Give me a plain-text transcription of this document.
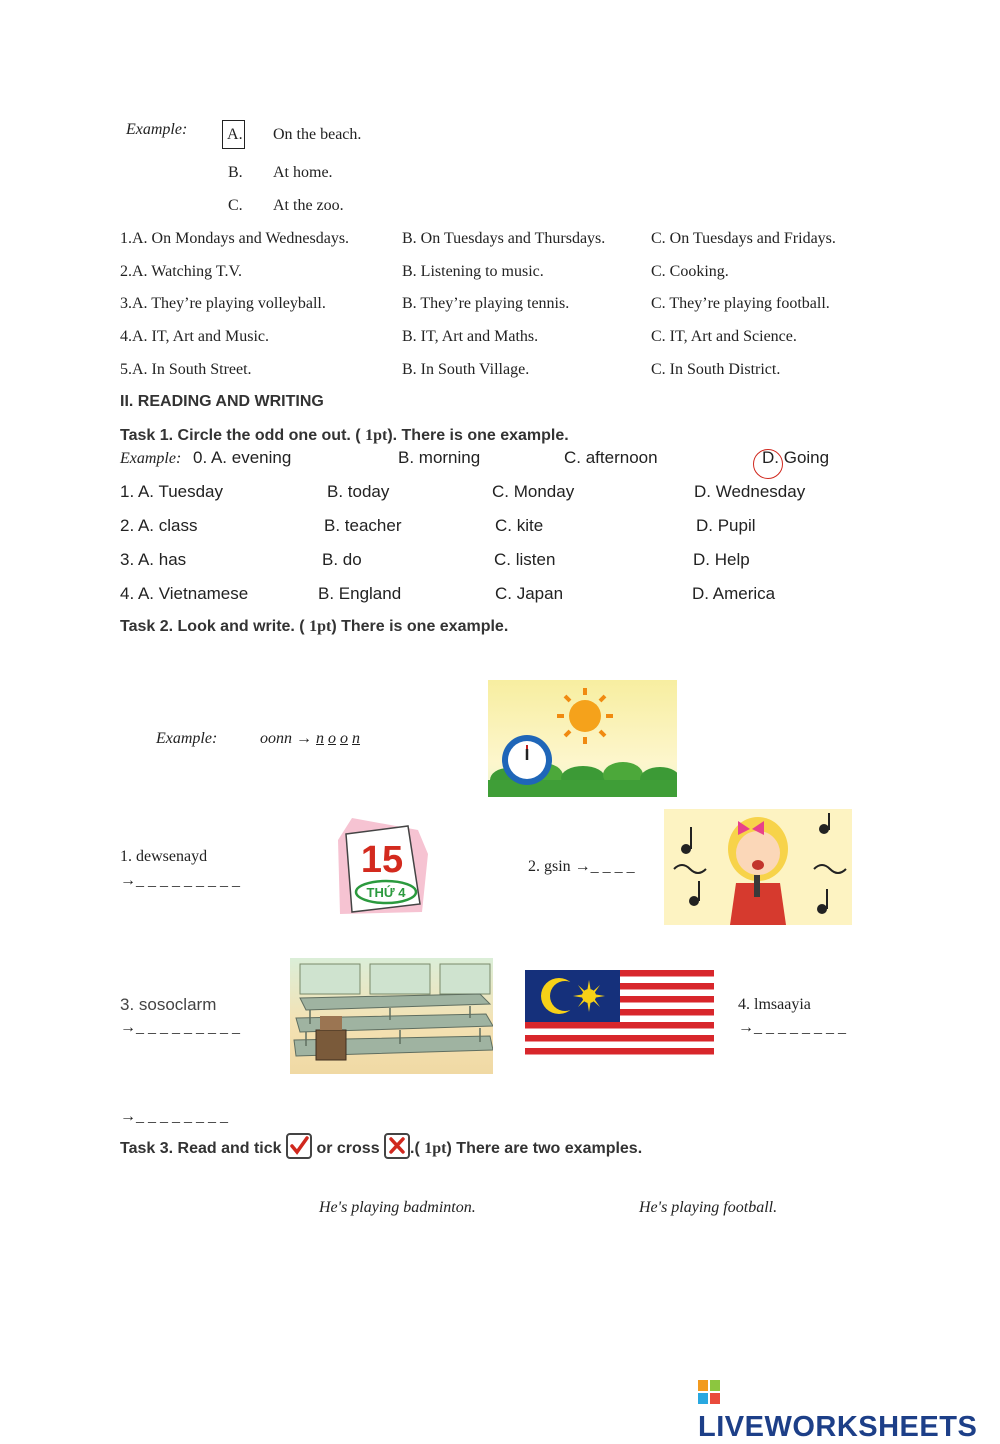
Example: A. On the beach.
B. At home.
C. At the zoo.
1.A. On Mondays and Wednesdays.	B. On Tuesdays and Thursdays.	C. On Tuesdays and Fridays.
2.A. Watching T.V.	B. Listening to music.	C. Cooking.
3.A. They’re playing volleyball.	B. They’re playing tennis.	C. They’re playing football.
4.A. IT, Art and Music.	B. IT, Art and Maths.	C. IT, Art and Science.
5.A. In South Street.	B. In South Village.	C. In South District.
II. READING AND WRITING
Task 1. Circle the odd one out. ( 1pt). There is one example.
Example: 0. A. evening	B. morning	C. afternoon	D. Going
1. A. Tuesday	B. today	C. Monday	D. Wednesday
2. A. class	B. teacher	C. kite	D. Pupil
3. A. has	B. do	C. listen	D. Help
4. A. Vietnamese	B. England	C. Japan	D. America
Task 2. Look and write. ( 1pt) There is one example.
Example:	oonn → n o o n
1. dewsenayd
→_ _ _ _ _ _ _ _ _	15
THỨ 4
2. gsin →_ _ _ _
3. sosoclarm
→_ _ _ _ _ _ _ _ _
4. lmsaayia
→_ _ _ _ _ _ _ _
→_ _ _ _ _ _ _ _
Task 3. Read and tick or cross .( 1pt) There are two examples.
He's playing badminton.	He's playing football.
LIVEWORKSHEETS
